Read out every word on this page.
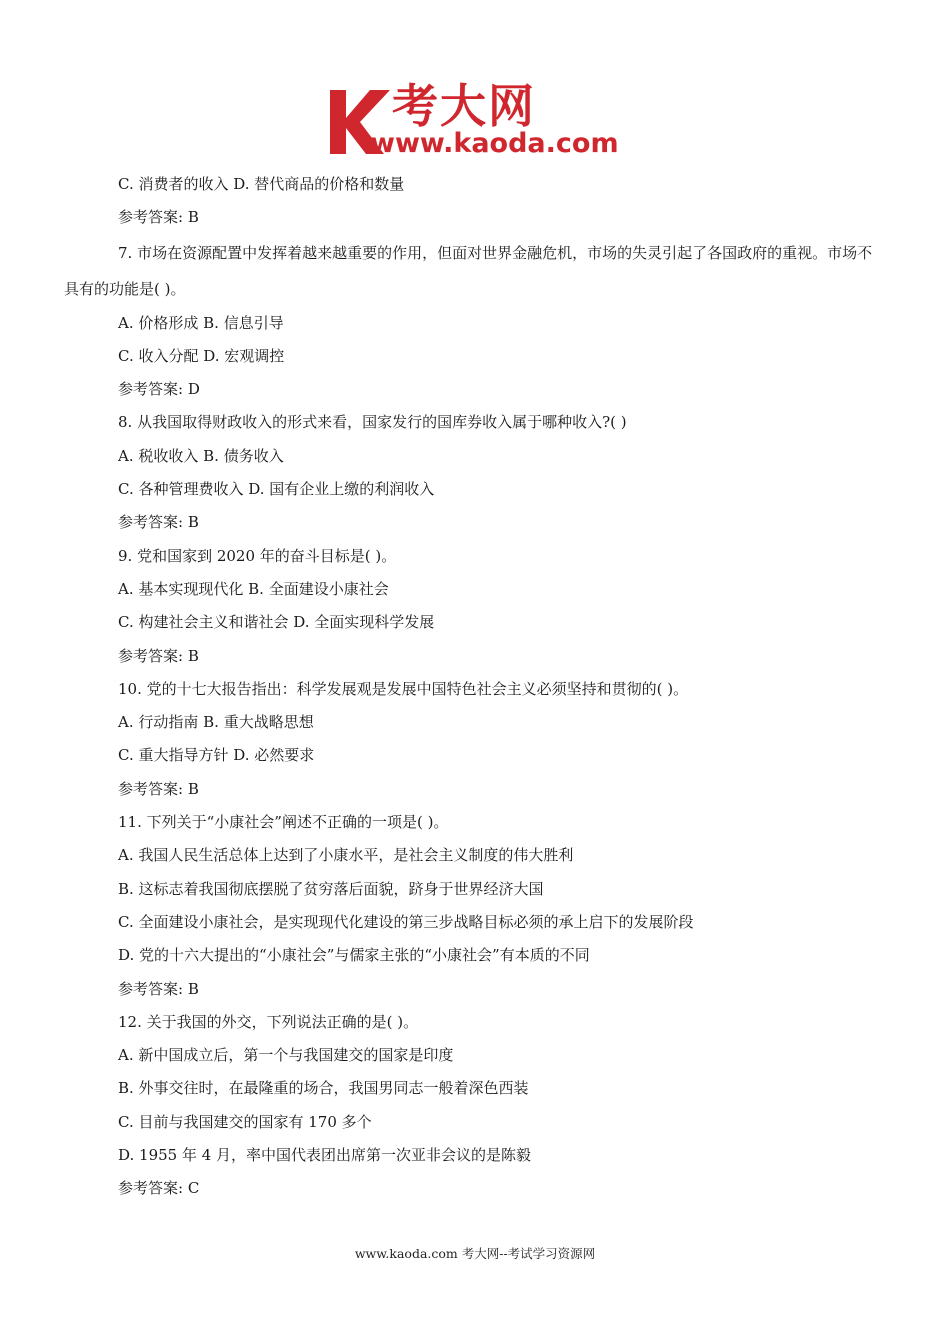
考大网
www.kaoda.com
C. 消费者的收入 D. 替代商品的价格和数量
参考答案: B
7. 市场在资源配置中发挥着越来越重要的作用，但面对世界金融危机，市场的失灵引起了各国政府的重视。市场不具有的功能是( )。
A. 价格形成 B. 信息引导
C. 收入分配 D. 宏观调控
参考答案: D
8. 从我国取得财政收入的形式来看，国家发行的国库券收入属于哪种收入?( )
A. 税收收入 B. 债务收入
C. 各种管理费收入 D. 国有企业上缴的利润收入
参考答案: B
9. 党和国家到 2020 年的奋斗目标是( )。
A. 基本实现现代化 B. 全面建设小康社会
C. 构建社会主义和谐社会 D. 全面实现科学发展
参考答案: B
10. 党的十七大报告指出：科学发展观是发展中国特色社会主义必须坚持和贯彻的( )。
A. 行动指南 B. 重大战略思想
C. 重大指导方针 D. 必然要求
参考答案: B
11. 下列关于“小康社会”阐述不正确的一项是( )。
A. 我国人民生活总体上达到了小康水平，是社会主义制度的伟大胜利
B. 这标志着我国彻底摆脱了贫穷落后面貌，跻身于世界经济大国
C. 全面建设小康社会，是实现现代化建设的第三步战略目标必须的承上启下的发展阶段
D. 党的十六大提出的“小康社会”与儒家主张的“小康社会”有本质的不同
参考答案: B
12. 关于我国的外交，下列说法正确的是( )。
A. 新中国成立后，第一个与我国建交的国家是印度
B. 外事交往时，在最隆重的场合，我国男同志一般着深色西装
C. 目前与我国建交的国家有 170 多个
D. 1955 年 4 月，率中国代表团出席第一次亚非会议的是陈毅
参考答案: C
www.kaoda.com 考大网--考试学习资源网
